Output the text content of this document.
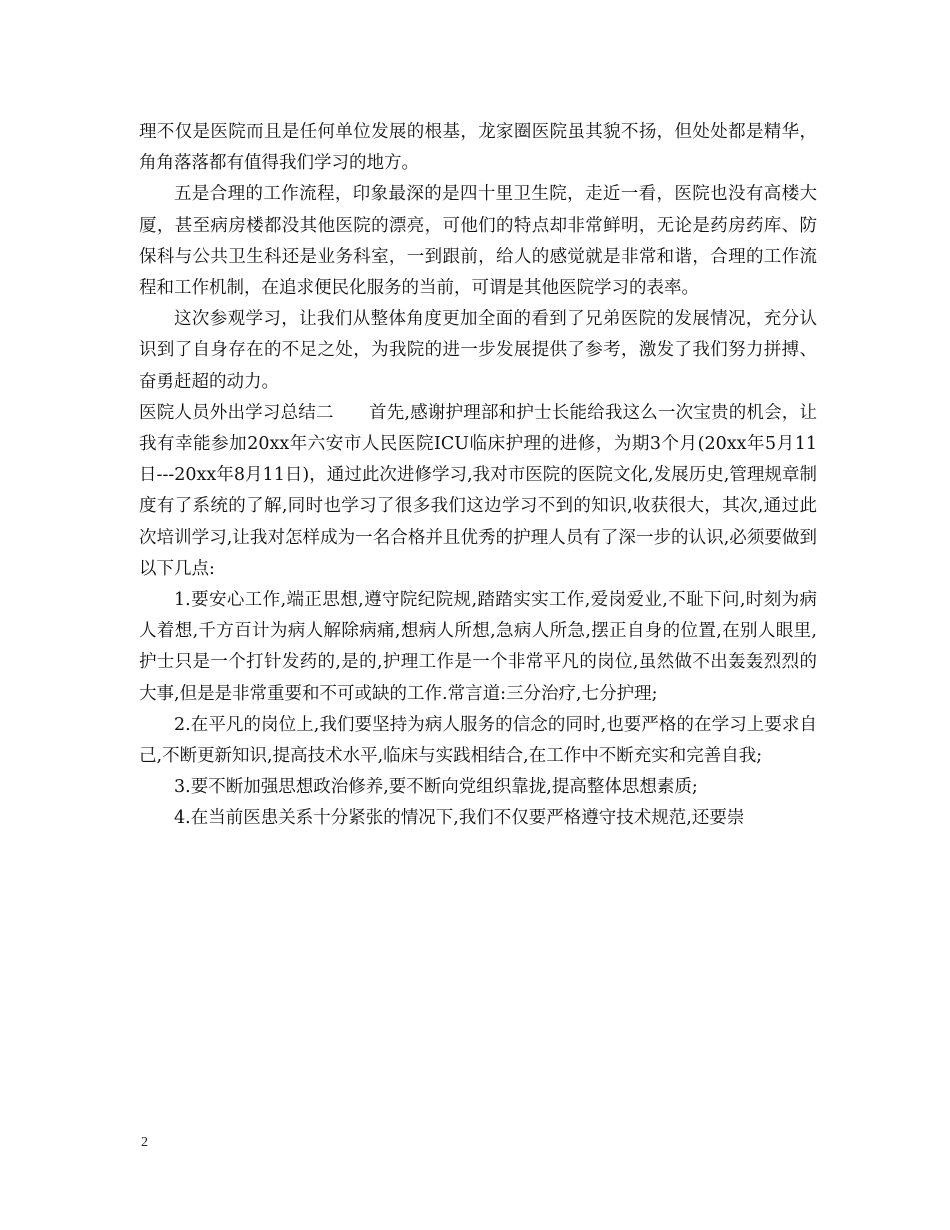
理不仅是医院而且是任何单位发展的根基，龙家圈医院虽其貌不扬，但处处都是精华，角角落落都有值得我们学习的地方。

五是合理的工作流程，印象最深的是四十里卫生院，走近一看，医院也没有高楼大厦，甚至病房楼都没其他医院的漂亮，可他们的特点却非常鲜明，无论是药房药库、防保科与公共卫生科还是业务科室，一到跟前，给人的感觉就是非常和谐，合理的工作流程和工作机制，在追求便民化服务的当前，可谓是其他医院学习的表率。

这次参观学习，让我们从整体角度更加全面的看到了兄弟医院的发展情况，充分认识到了自身存在的不足之处，为我院的进一步发展提供了参考，激发了我们努力拼搏、奋勇赶超的动力。

医院人员外出学习总结二　　首先,感谢护理部和护士长能给我这么一次宝贵的机会，让我有幸能参加20xx年六安市人民医院ICU临床护理的进修，为期3个月(20xx年5月11日---20xx年8月11日)，通过此次进修学习,我对市医院的医院文化,发展历史,管理规章制度有了系统的了解,同时也学习了很多我们这边学习不到的知识,收获很大，其次,通过此次培训学习,让我对怎样成为一名合格并且优秀的护理人员有了深一步的认识,必须要做到以下几点:

1.要安心工作,端正思想,遵守院纪院规,踏踏实实工作,爱岗爱业,不耻下问,时刻为病人着想,千方百计为病人解除病痛,想病人所想,急病人所急,摆正自身的位置,在别人眼里,护士只是一个打针发药的,是的,护理工作是一个非常平凡的岗位,虽然做不出轰轰烈烈的大事,但是是非常重要和不可或缺的工作.常言道:三分治疗,七分护理;

2.在平凡的岗位上,我们要坚持为病人服务的信念的同时,也要严格的在学习上要求自己,不断更新知识,提高技术水平,临床与实践相结合,在工作中不断充实和完善自我;

3.要不断加强思想政治修养,要不断向党组织靠拢,提高整体思想素质;

4.在当前医患关系十分紧张的情况下,我们不仅要严格遵守技术规范,还要崇

2
